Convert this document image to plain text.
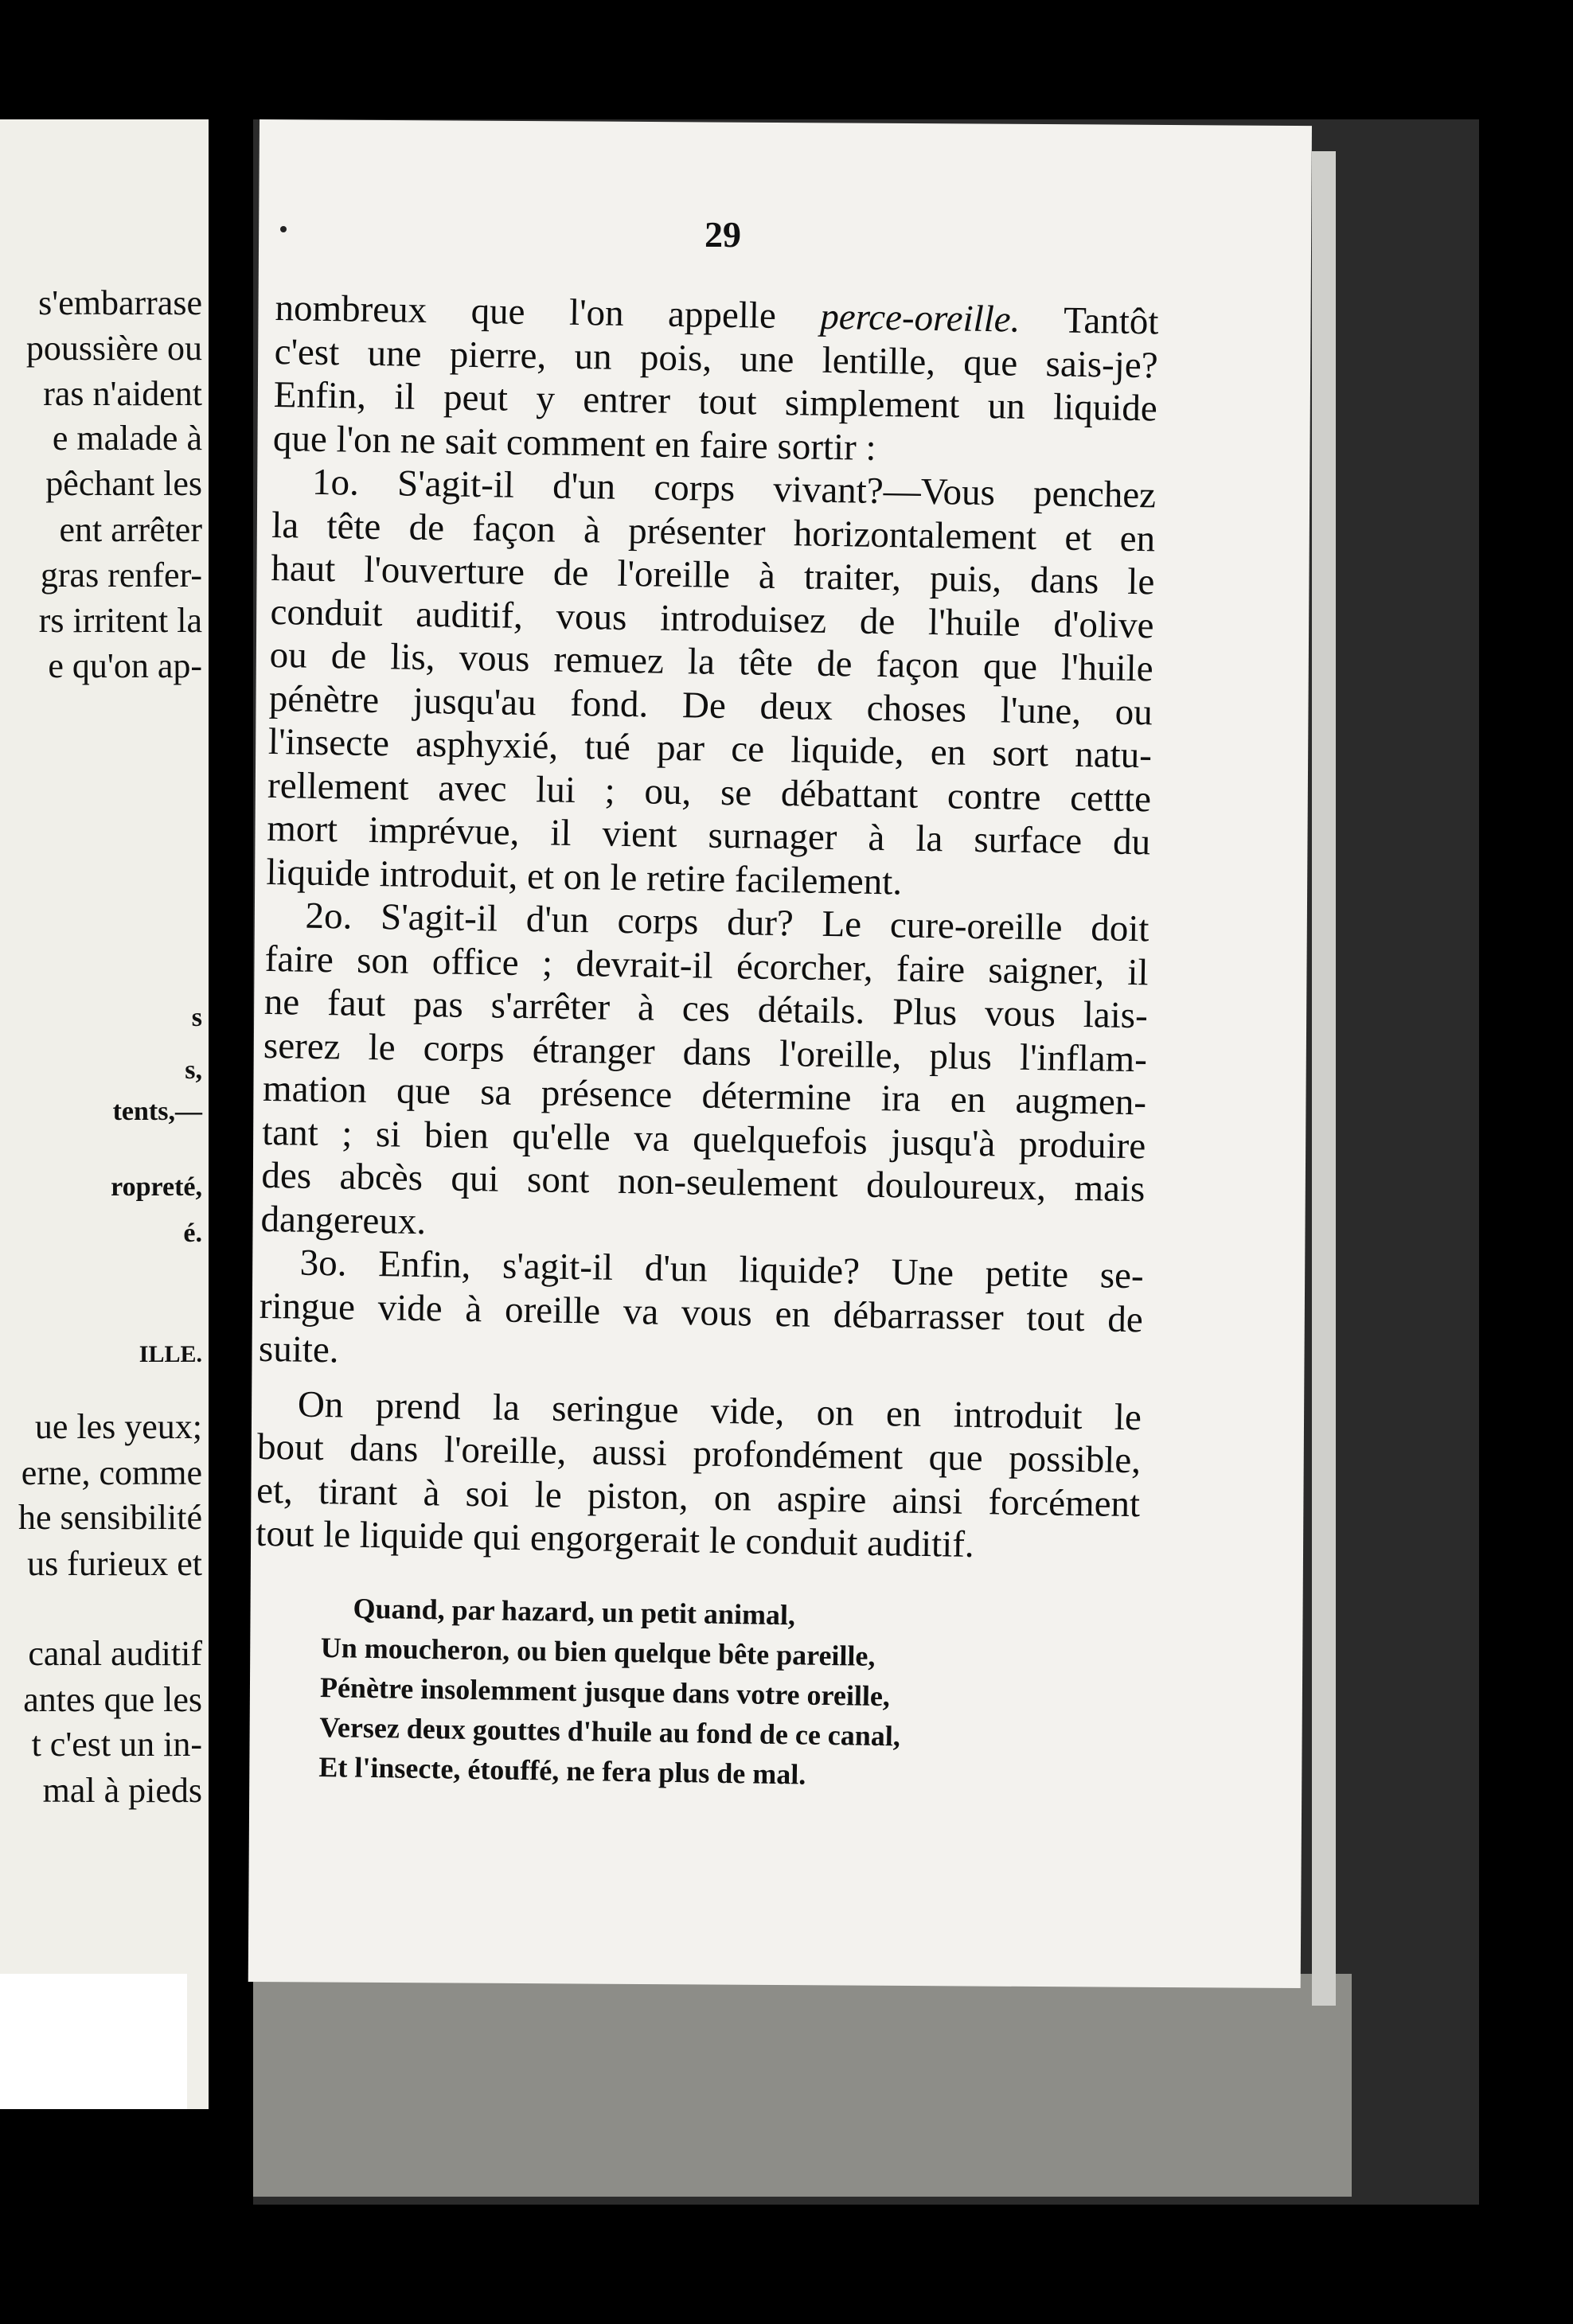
s'embarrase
poussière ou
ras n'aident
e malade à
pêchant les
ent arrêter
gras renfer-
rs irritent la
e qu'on ap-
s
s,
tents,—
ropreté,
é.
ILLE.
ue les yeux;
erne, comme
he sensibilité
us furieux et
canal auditif
antes que les
t c'est un in-
mal à pieds
29
nombreux que l'on appelle perce-oreille. Tantôt
c'est une pierre, un pois, une lentille, que sais-je?
Enfin, il peut y entrer tout simplement un liquide
que l'on ne sait comment en faire sortir :
1o. S'agit-il d'un corps vivant?—Vous penchez
la tête de façon à présenter horizontalement et en
haut l'ouverture de l'oreille à traiter, puis, dans le
conduit auditif, vous introduisez de l'huile d'olive
ou de lis, vous remuez la tête de façon que l'huile
pénètre jusqu'au fond. De deux choses l'une, ou
l'insecte asphyxié, tué par ce liquide, en sort natu-
rellement avec lui ; ou, se débattant contre cettte
mort imprévue, il vient surnager à la surface du
liquide introduit, et on le retire facilement.
2o. S'agit-il d'un corps dur? Le cure-oreille doit
faire son office ; devrait-il écorcher, faire saigner, il
ne faut pas s'arrêter à ces détails. Plus vous lais-
serez le corps étranger dans l'oreille, plus l'inflam-
mation que sa présence détermine ira en augmen-
tant ; si bien qu'elle va quelquefois jusqu'à produire
des abcès qui sont non-seulement douloureux, mais
dangereux.
3o. Enfin, s'agit-il d'un liquide? Une petite se-
ringue vide à oreille va vous en débarrasser tout de
suite.
On prend la seringue vide, on en introduit le
bout dans l'oreille, aussi profondément que possible,
et, tirant à soi le piston, on aspire ainsi forcément
tout le liquide qui engorgerait le conduit auditif.
Quand, par hazard, un petit animal,
Un moucheron, ou bien quelque bête pareille,
Pénètre insolemment jusque dans votre oreille,
Versez deux gouttes d'huile au fond de ce canal,
Et l'insecte, étouffé, ne fera plus de mal.
